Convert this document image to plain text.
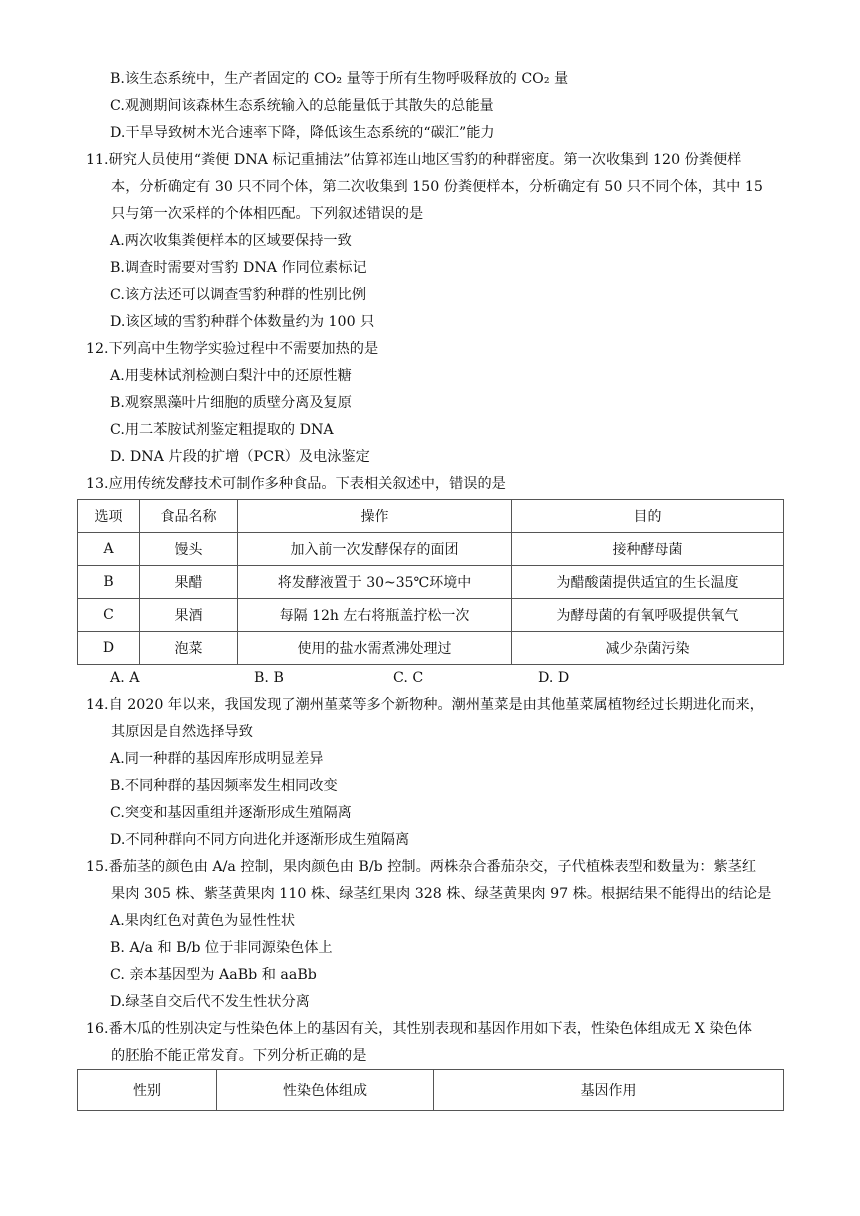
B.该生态系统中，生产者固定的 CO₂ 量等于所有生物呼吸释放的 CO₂ 量
C.观测期间该森林生态系统输入的总能量低于其散失的总能量
D.干旱导致树木光合速率下降，降低该生态系统的“碳汇”能力
11.研究人员使用“粪便 DNA 标记重捕法”估算祁连山地区雪豹的种群密度。第一次收集到 120 份粪便样
本，分析确定有 30 只不同个体，第二次收集到 150 份粪便样本，分析确定有 50 只不同个体，其中 15
只与第一次采样的个体相匹配。下列叙述错误的是
A.两次收集粪便样本的区域要保持一致
B.调查时需要对雪豹 DNA 作同位素标记
C.该方法还可以调查雪豹种群的性别比例
D.该区域的雪豹种群个体数量约为 100 只
12.下列高中生物学实验过程中不需要加热的是
A.用斐林试剂检测白梨汁中的还原性糖
B.观察黑藻叶片细胞的质壁分离及复原
C.用二苯胺试剂鉴定粗提取的 DNA
D. DNA 片段的扩增（PCR）及电泳鉴定
13.应用传统发酵技术可制作多种食品。下表相关叙述中，错误的是
选项	食品名称	操作	目的
A	馒头	加入前一次发酵保存的面团	接种酵母菌
B	果醋	将发酵液置于 30~35℃环境中	为醋酸菌提供适宜的生长温度
C	果酒	每隔 12h 左右将瓶盖拧松一次	为酵母菌的有氧呼吸提供氧气
D	泡菜	使用的盐水需煮沸处理过	减少杂菌污染
A. A	B. B	C. C	D. D
14.自 2020 年以来，我国发现了潮州堇菜等多个新物种。潮州堇菜是由其他堇菜属植物经过长期进化而来，
其原因是自然选择导致
A.同一种群的基因库形成明显差异
B.不同种群的基因频率发生相同改变
C.突变和基因重组并逐渐形成生殖隔离
D.不同种群向不同方向进化并逐渐形成生殖隔离
15.番茄茎的颜色由 A/a 控制，果肉颜色由 B/b 控制。两株杂合番茄杂交，子代植株表型和数量为：紫茎红
果肉 305 株、紫茎黄果肉 110 株、绿茎红果肉 328 株、绿茎黄果肉 97 株。根据结果不能得出的结论是
A.果肉红色对黄色为显性性状
B. A/a 和 B/b 位于非同源染色体上
C. 亲本基因型为 AaBb 和 aaBb
D.绿茎自交后代不发生性状分离
16.番木瓜的性别决定与性染色体上的基因有关，其性别表现和基因作用如下表，性染色体组成无 X 染色体
的胚胎不能正常发育。下列分析正确的是
性别	性染色体组成	基因作用
